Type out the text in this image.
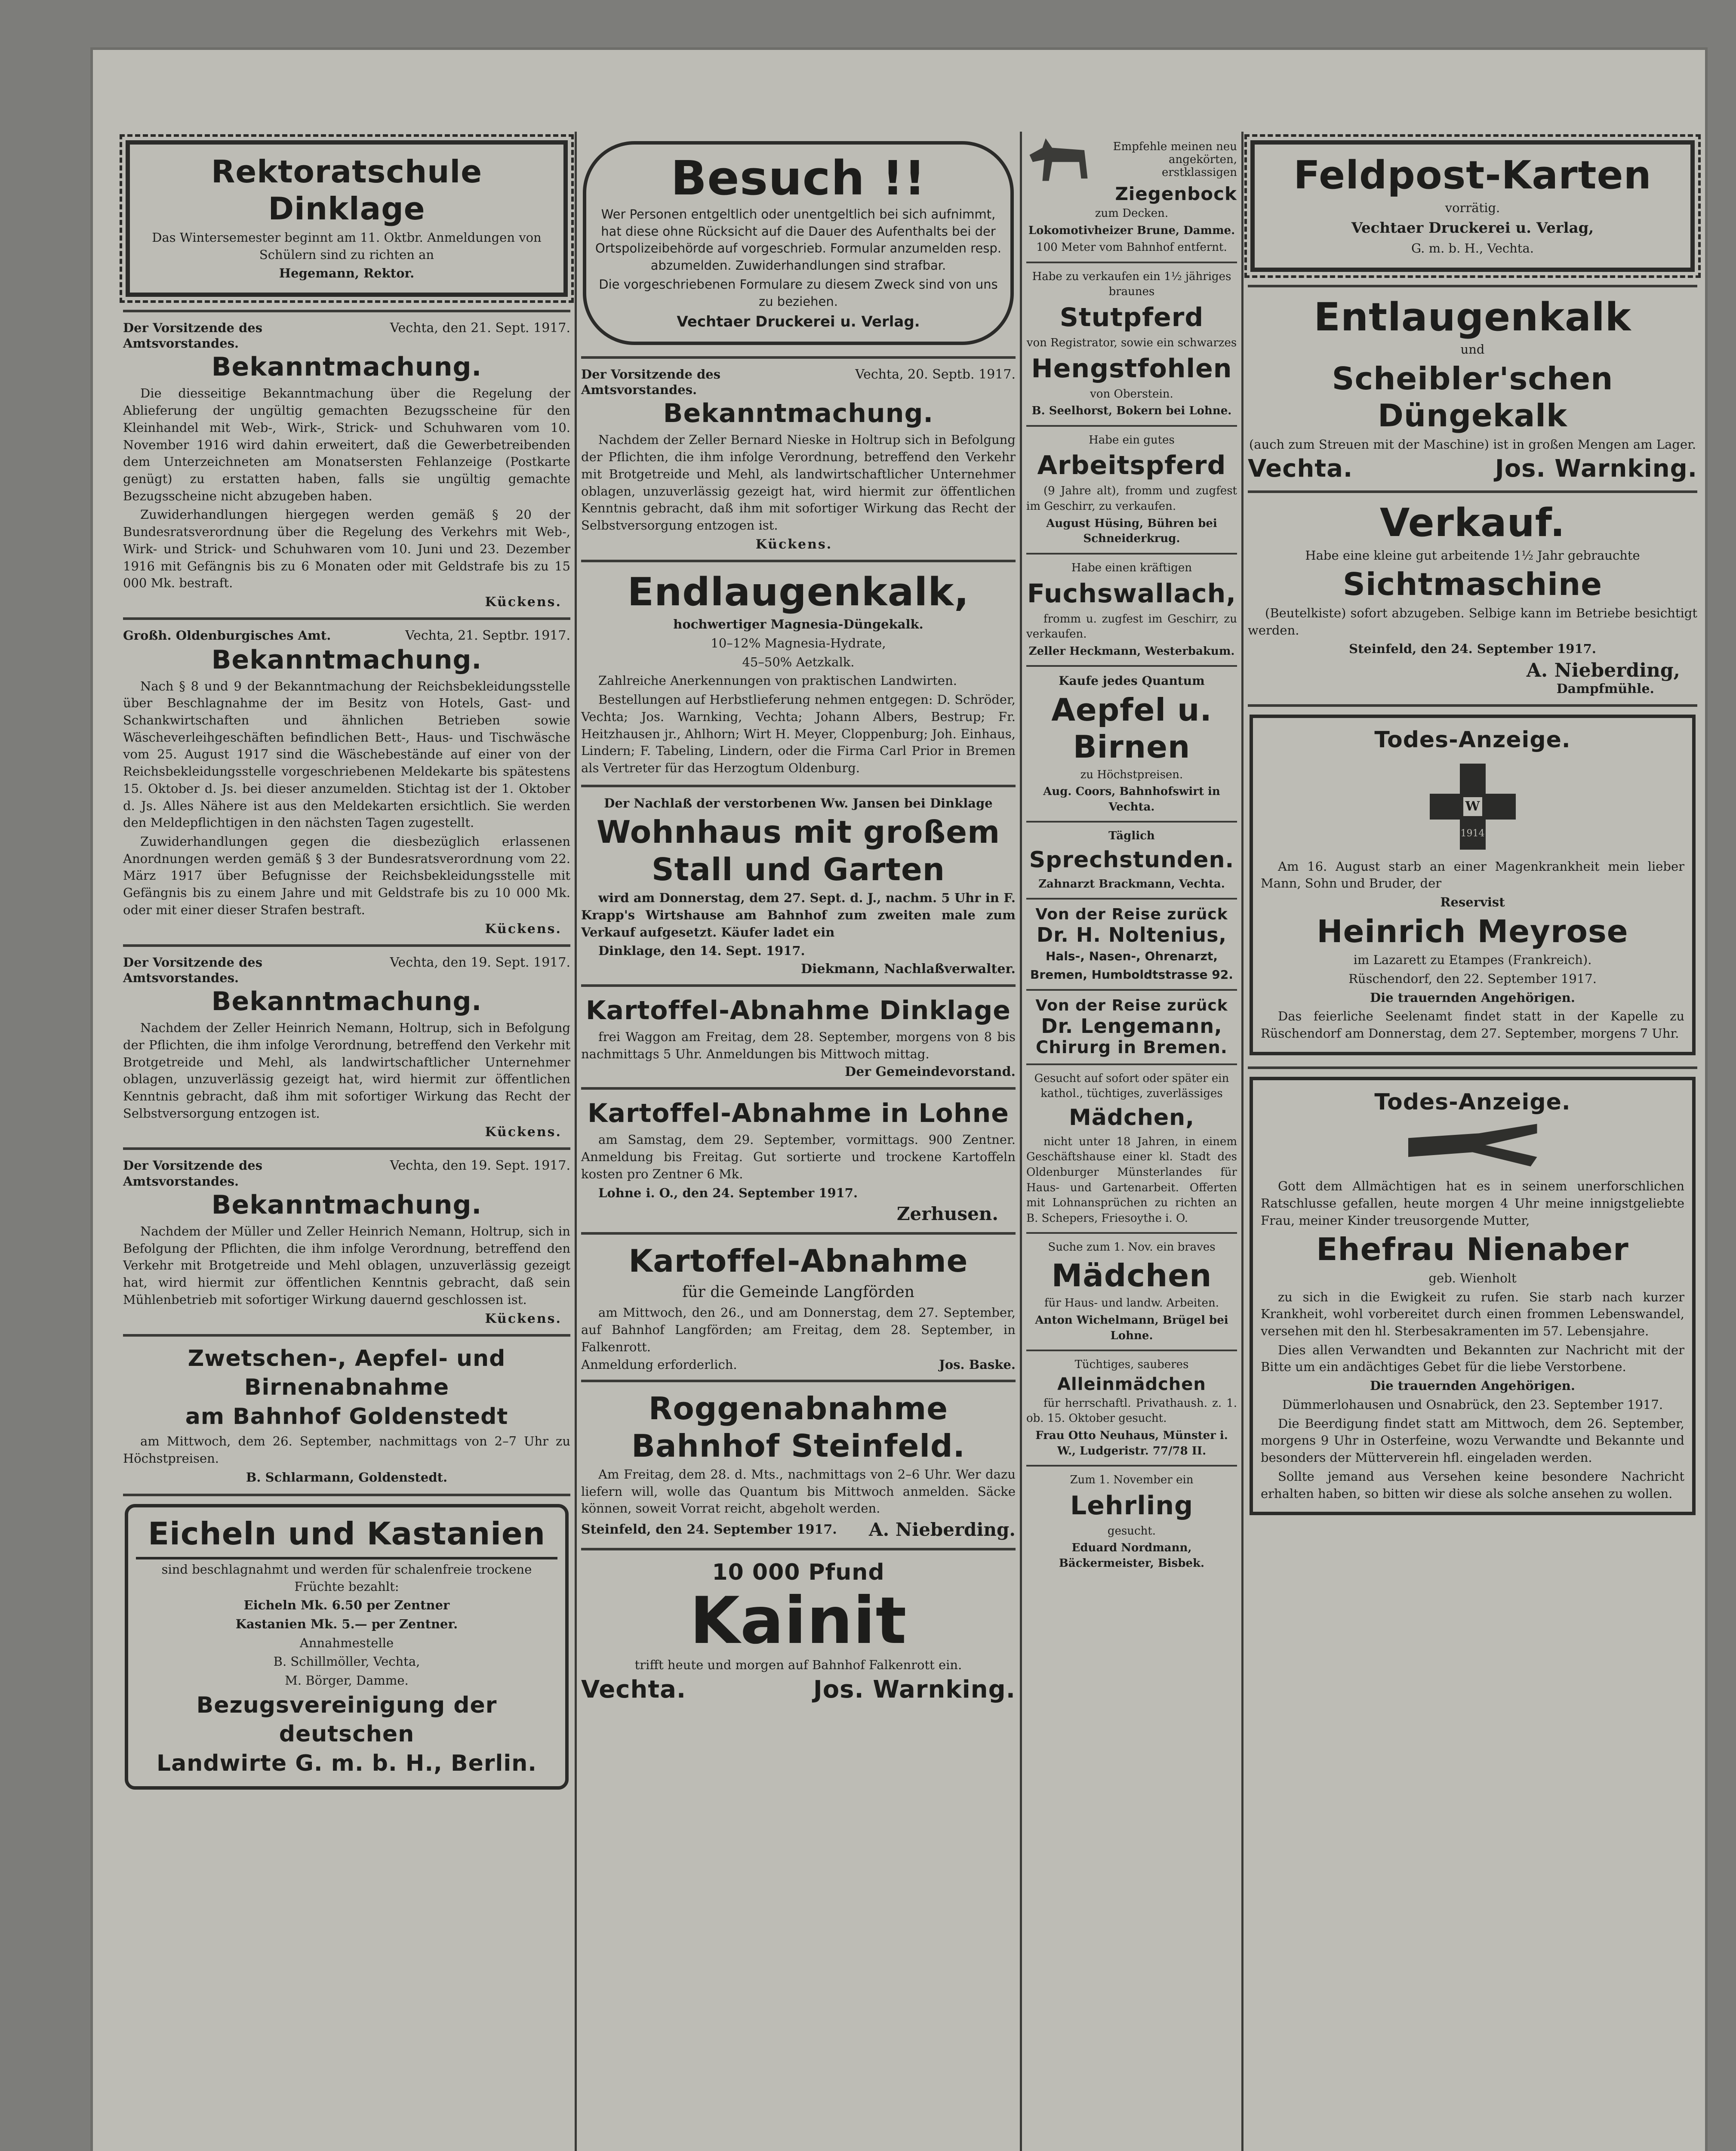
Rektoratschule Dinklage

Das Wintersemester beginnt am 11. Oktbr. Anmeldungen von Schülern sind zu richten an

Hegemann, Rektor.

Der Vorsitzende des Amtsvorstandes.
Vechta, den 21. Sept. 1917.
Bekanntmachung.

Die diesseitige Bekanntmachung über die Regelung der Ablieferung der ungültig gemachten Bezugsscheine für den Kleinhandel mit Web-, Wirk-, Strick- und Schuhwaren vom 10. November 1916 wird dahin erweitert, daß die Gewerbetreibenden dem Unterzeichneten am Monatsersten Fehlanzeige (Postkarte genügt) zu erstatten haben, falls sie ungültig gemachte Bezugsscheine nicht abzugeben haben.

Zuwiderhandlungen hiergegen werden gemäß § 20 der Bundesratsverordnung über die Regelung des Verkehrs mit Web-, Wirk- und Strick- und Schuhwaren vom 10. Juni und 23. Dezember 1916 mit Gefängnis bis zu 6 Monaten oder mit Geldstrafe bis zu 15 000 Mk. bestraft.

Kückens.

Großh. Oldenburgisches Amt.	Vechta, 21. Septbr. 1917.
Bekanntmachung.

Nach § 8 und 9 der Bekanntmachung der Reichsbekleidungsstelle über Beschlagnahme der im Besitz von Hotels, Gast- und Schankwirtschaften und ähnlichen Betrieben sowie Wäscheverleihgeschäften befindlichen Bett-, Haus- und Tischwäsche vom 25. August 1917 sind die Wäschebestände auf einer von der Reichsbekleidungsstelle vorgeschriebenen Meldekarte bis spätestens 15. Oktober d. Js. bei dieser anzumelden. Stichtag ist der 1. Oktober d. Js. Alles Nähere ist aus den Meldekarten ersichtlich. Sie werden den Meldepflichtigen in den nächsten Tagen zugestellt.

Zuwiderhandlungen gegen die diesbezüglich erlassenen Anordnungen werden gemäß § 3 der Bundesratsverordnung vom 22. März 1917 über Befugnisse der Reichsbekleidungsstelle mit Gefängnis bis zu einem Jahre und mit Geldstrafe bis zu 10 000 Mk. oder mit einer dieser Strafen bestraft.

Kückens.

Der Vorsitzende des Amtsvorstandes.
Vechta, den 19. Sept. 1917.
Bekanntmachung.

Nachdem der Zeller Heinrich Nemann, Holtrup, sich in Befolgung der Pflichten, die ihm infolge Verordnung, betreffend den Verkehr mit Brotgetreide und Mehl, als landwirtschaftlicher Unternehmer oblagen, unzuverlässig gezeigt hat, wird hiermit zur öffentlichen Kenntnis gebracht, daß ihm mit sofortiger Wirkung das Recht der Selbstversorgung entzogen ist.

Kückens.

Der Vorsitzende des Amtsvorstandes.
Vechta, den 19. Sept. 1917.
Bekanntmachung.

Nachdem der Müller und Zeller Heinrich Nemann, Holtrup, sich in Befolgung der Pflichten, die ihm infolge Verordnung, betreffend den Verkehr mit Brotgetreide und Mehl oblagen, unzuverlässig gezeigt hat, wird hiermit zur öffentlichen Kenntnis gebracht, daß sein Mühlenbetrieb mit sofortiger Wirkung dauernd geschlossen ist.

Kückens.

Zwetschen-, Aepfel- und Birnenabnahme
am Bahnhof Goldenstedt

am Mittwoch, dem 26. September, nachmittags von 2–7 Uhr zu Höchstpreisen.

B. Schlarmann, Goldenstedt.

Eicheln und Kastanien

sind beschlagnahmt und werden für schalenfreie trockene Früchte bezahlt:

Eicheln Mk. 6.50 per Zentner

Kastanien Mk. 5.— per Zentner.

Annahmestelle

B. Schillmöller, Vechta,

M. Börger, Damme.

Bezugsvereinigung der deutschen
Landwirte G. m. b. H., Berlin.
Besuch !!

Wer Personen entgeltlich oder unentgeltlich bei sich aufnimmt, hat diese ohne Rücksicht auf die Dauer des Aufenthalts bei der Ortspolizeibehörde auf vorgeschrieb. Formular anzumelden resp. abzumelden. Zuwiderhandlungen sind strafbar.

Die vorgeschriebenen Formulare zu diesem Zweck sind von uns zu beziehen.

Vechtaer Druckerei u. Verlag.

Der Vorsitzende des Amtsvorstandes.
Vechta, 20. Septb. 1917.
Bekanntmachung.

Nachdem der Zeller Bernard Nieske in Holtrup sich in Befolgung der Pflichten, die ihm infolge Verordnung, betreffend den Verkehr mit Brotgetreide und Mehl, als landwirtschaftlicher Unternehmer oblagen, unzuverlässig gezeigt hat, wird hiermit zur öffentlichen Kenntnis gebracht, daß ihm mit sofortiger Wirkung das Recht der Selbstversorgung entzogen ist.

Kückens.

Endlaugenkalk,

hochwertiger Magnesia-Düngekalk.

10–12% Magnesia-Hydrate,

45–50% Aetzkalk.

Zahlreiche Anerkennungen von praktischen Landwirten.

Bestellungen auf Herbstlieferung nehmen entgegen: D. Schröder, Vechta; Jos. Warnking, Vechta; Johann Albers, Bestrup; Fr. Heitzhausen jr., Ahlhorn; Wirt H. Meyer, Cloppenburg; Joh. Einhaus, Lindern; F. Tabeling, Lindern, oder die Firma Carl Prior in Bremen als Vertreter für das Herzogtum Oldenburg.

Der Nachlaß der verstorbenen Ww. Jansen bei Dinklage

Wohnhaus mit großem
Stall und Garten

wird am Donnerstag, dem 27. Sept. d. J., nachm. 5 Uhr in F. Krapp's Wirtshause am Bahnhof zum zweiten male zum Verkauf aufgesetzt. Käufer ladet ein

Dinklage, den 14. Sept. 1917.

Diekmann, Nachlaßverwalter.

Kartoffel-Abnahme Dinklage

frei Waggon am Freitag, dem 28. September, morgens von 8 bis nachmittags 5 Uhr. Anmeldungen bis Mittwoch mittag.

Der Gemeindevorstand.

Kartoffel-Abnahme in Lohne

am Samstag, dem 29. September, vormittags. 900 Zentner. Anmeldung bis Freitag. Gut sortierte und trockene Kartoffeln kosten pro Zentner 6 Mk.

Lohne i. O., den 24. September 1917.

Zerhusen.

Kartoffel-Abnahme

für die Gemeinde Langförden

am Mittwoch, den 26., und am Donnerstag, dem 27. September, auf Bahnhof Langförden; am Freitag, dem 28. September, in Falkenrott.

Anmeldung erforderlich.	Jos. Baske.
Roggenabnahme
Bahnhof Steinfeld.

Am Freitag, dem 28. d. Mts., nachmittags von 2–6 Uhr. Wer dazu liefern will, wolle das Quantum bis Mittwoch anmelden. Säcke können, soweit Vorrat reicht, abgeholt werden.

Steinfeld, den 24. September 1917. A. Nieberding.
10 000 Pfund
Kainit

trifft heute und morgen auf Bahnhof Falkenrott ein.

Vechta.	Jos. Warnking.
Empfehle meinen neu angekörten, erstklassigen
Ziegenbock

zum Decken.

Lokomotivheizer Brune, Damme.

100 Meter vom Bahnhof entfernt.

Habe zu verkaufen ein 1½ jähriges braunes

Stutpferd

von Registrator, sowie ein schwarzes

Hengstfohlen

von Oberstein.

B. Seelhorst, Bokern bei Lohne.

Habe ein gutes

Arbeitspferd

(9 Jahre alt), fromm und zugfest im Geschirr, zu verkaufen.

August Hüsing, Bühren bei Schneiderkrug.

Habe einen kräftigen

Fuchswallach,

fromm u. zugfest im Geschirr, zu verkaufen.

Zeller Heckmann, Westerbakum.

Kaufe jedes Quantum

Aepfel u.
Birnen

zu Höchstpreisen.

Aug. Coors, Bahnhofswirt in Vechta.

Täglich

Sprechstunden.

Zahnarzt Brackmann, Vechta.

Von der Reise zurück
Dr. H. Noltenius,

Hals-, Nasen-, Ohrenarzt,

Bremen, Humboldtstrasse 92.

Von der Reise zurück
Dr. Lengemann,
Chirurg in Bremen.

Gesucht auf sofort oder später ein kathol., tüchtiges, zuverlässiges

Mädchen,

nicht unter 18 Jahren, in einem Geschäftshause einer kl. Stadt des Oldenburger Münsterlandes für Haus- und Gartenarbeit. Offerten mit Lohnansprüchen zu richten an B. Schepers, Friesoythe i. O.

Suche zum 1. Nov. ein braves

Mädchen

für Haus- und landw. Arbeiten.

Anton Wichelmann, Brügel bei Lohne.

Tüchtiges, sauberes

Alleinmädchen

für herrschaftl. Privathaush. z. 1. ob. 15. Oktober gesucht.

Frau Otto Neuhaus, Münster i. W., Ludgeristr. 77/78 II.

Zum 1. November ein

Lehrling

gesucht.

Eduard Nordmann, Bäckermeister, Bisbek.

Feldpost-Karten

vorrätig.

Vechtaer Druckerei u. Verlag,

G. m. b. H., Vechta.

Entlaugenkalk

und

Scheibler'schen Düngekalk

(auch zum Streuen mit der Maschine) ist in großen Mengen am Lager.

Vechta.	Jos. Warnking.
Verkauf.

Habe eine kleine gut arbeitende 1½ Jahr gebrauchte

Sichtmaschine

(Beutelkiste) sofort abzugeben. Selbige kann im Betriebe besichtigt werden.

Steinfeld, den 24. September 1917.

A. Nieberding,

Dampfmühle.

Todes-Anzeige.
W
1914

Am 16. August starb an einer Magenkrankheit mein lieber Mann, Sohn und Bruder, der

Reservist

Heinrich Meyrose

im Lazarett zu Etampes (Frankreich).

Rüschendorf, den 22. September 1917.

Die trauernden Angehörigen.

Das feierliche Seelenamt findet statt in der Kapelle zu Rüschendorf am Donnerstag, dem 27. September, morgens 7 Uhr.

Todes-Anzeige.

Gott dem Allmächtigen hat es in seinem unerforschlichen Ratschlusse gefallen, heute morgen 4 Uhr meine innigstgeliebte Frau, meiner Kinder treusorgende Mutter,

Ehefrau Nienaber

geb. Wienholt

zu sich in die Ewigkeit zu rufen. Sie starb nach kurzer Krankheit, wohl vorbereitet durch einen frommen Lebenswandel, versehen mit den hl. Sterbesakramenten im 57. Lebensjahre.

Dies allen Verwandten und Bekannten zur Nachricht mit der Bitte um ein andächtiges Gebet für die liebe Verstorbene.

Die trauernden Angehörigen.

Dümmerlohausen und Osnabrück, den 23. September 1917.

Die Beerdigung findet statt am Mittwoch, dem 26. September, morgens 9 Uhr in Osterfeine, wozu Verwandte und Bekannte und besonders der Mütterverein hfl. eingeladen werden.

Sollte jemand aus Versehen keine besondere Nachricht erhalten haben, so bitten wir diese als solche ansehen zu wollen.
